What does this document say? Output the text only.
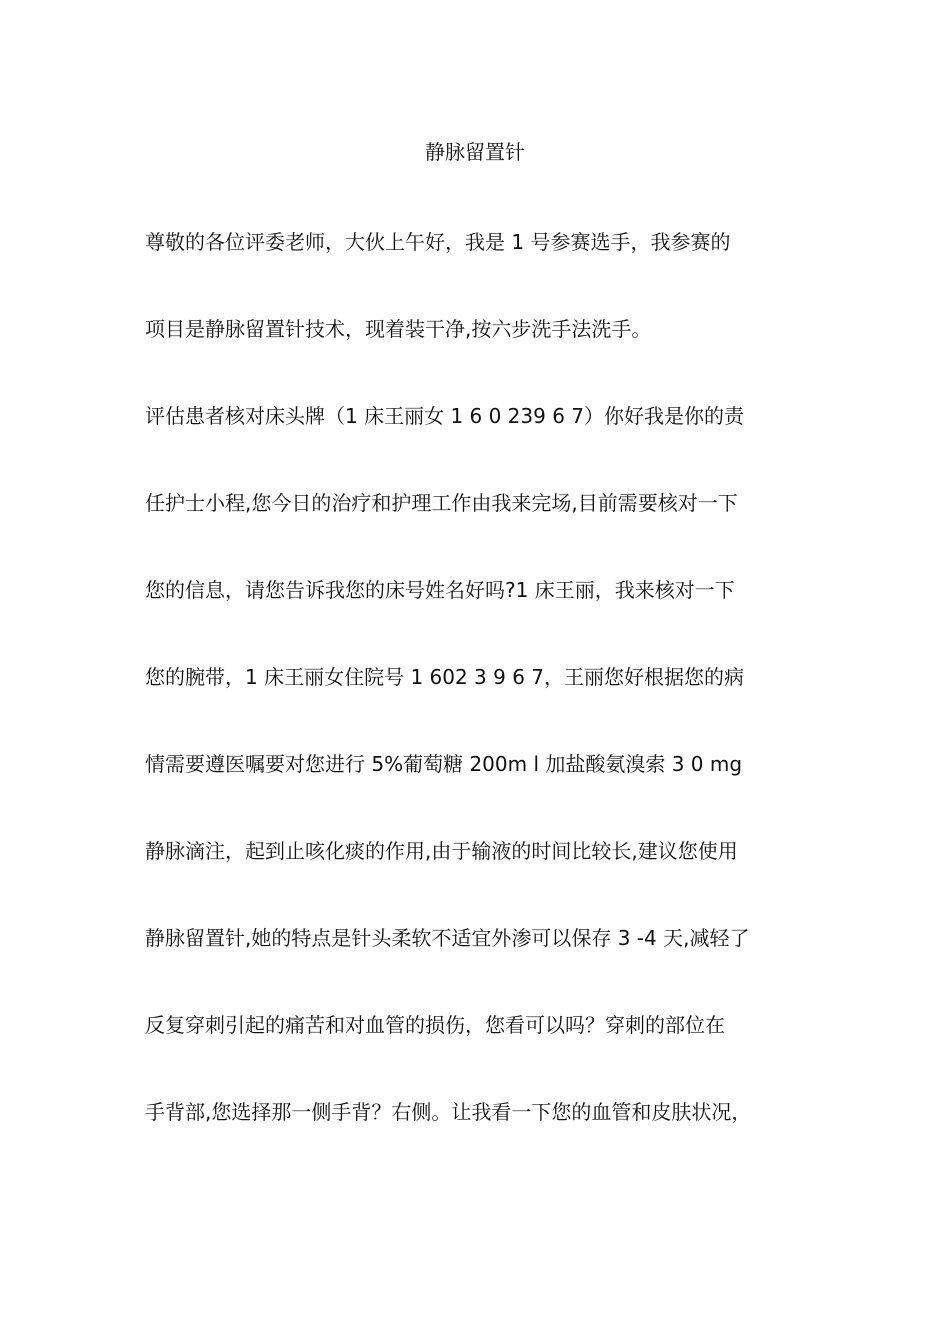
静脉留置针
尊敬的各位评委老师，大伙上午好，我是 1 号参赛选手，我参赛的
项目是静脉留置针技术，现着装干净,按六步洗手法洗手。
评估患者核对床头牌（1 床王丽女 1 6 0 239 6 7）你好我是你的责
任护士小程,您今日的治疗和护理工作由我来完场,目前需要核对一下
您的信息，请您告诉我您的床号姓名好吗?1 床王丽，我来核对一下
您的腕带，1 床王丽女住院号 1 602 3 9 6 7，王丽您好根据您的病
情需要遵医嘱要对您进行 5%葡萄糖 200m l 加盐酸氨溴索 3 0 mg
静脉滴注，起到止咳化痰的作用,由于输液的时间比较长,建议您使用
静脉留置针,她的特点是针头柔软不适宜外渗可以保存 3 -4 天,减轻了
反复穿刺引起的痛苦和对血管的损伤，您看可以吗？穿刺的部位在
手背部,您选择那一侧手背？右侧。让我看一下您的血管和皮肤状况，
